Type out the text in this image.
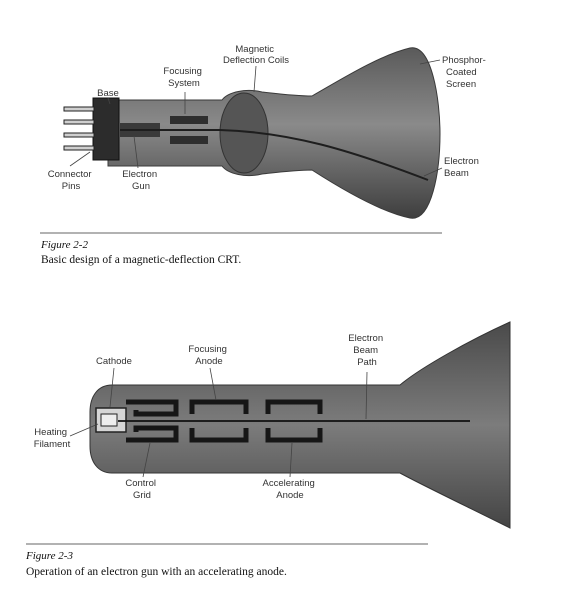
Magnetic Deflection Coils
Focusing System
Base
Phosphor- Coated Screen
Connector Pins
Electron Gun
Electron Beam
Figure 2-2
Basic design of a magnetic-deflection CRT.
Electron Beam Path
Focusing Anode
Cathode
Heating Filament
Control Grid
Accelerating Anode
Figure 2-3
Operation of an electron gun with an accelerating anode.
